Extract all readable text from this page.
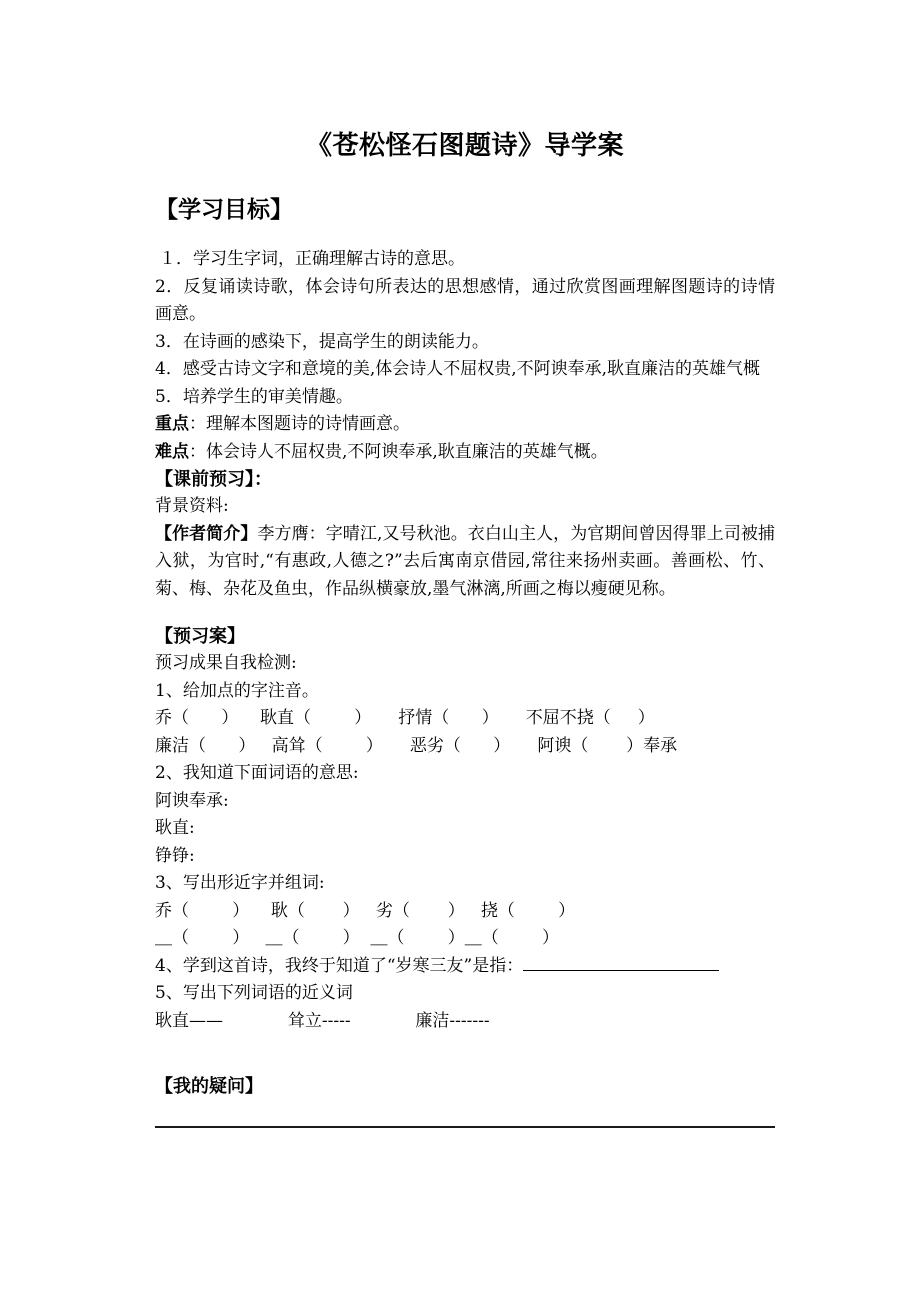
《苍松怪石图题诗》导学案
【学习目标】

１．学习生字词，正确理解古诗的意思。

2．反复诵读诗歌，体会诗句所表达的思想感情，通过欣赏图画理解图题诗的诗情画意。

3．在诗画的感染下，提高学生的朗读能力。

4．感受古诗文字和意境的美,体会诗人不屈权贵,不阿谀奉承,耿直廉洁的英雄气概

5．培养学生的审美情趣。

重点：理解本图题诗的诗情画意。

难点：体会诗人不屈权贵,不阿谀奉承,耿直廉洁的英雄气概。

【课前预习】：

背景资料:

【作者简介】李方膺：字晴江,又号秋池。衣白山主人，为官期间曾因得罪上司被捕入狱，为官时,“有惠政,人德之?”去后寓南京借园,常往来扬州卖画。善画松、竹、菊、梅、杂花及鱼虫，作品纵横豪放,墨气淋漓,所画之梅以瘦硬见称。

【预习案】

预习成果自我检测:

1、给加点的字注音。

乔（      ）    耿直（        ）     抒情（      ）     不屈不挠（     ）

廉洁（      ）   高耸（        ）     恶劣（      ）     阿谀（       ）奉承

2、我知道下面词语的意思:

阿谀奉承:

耿直:

铮铮:

3、写出形近字并组词:

乔（        ）    耿（       ）   劣（       ）   挠（        ）

＿（        ）   ＿（        ）  ＿（        ）＿（        ）

4、学到这首诗，我终于知道了“岁寒三友”是指：

5、写出下列词语的近义词

耿直——            耸立-----            廉洁-------

【我的疑问】
